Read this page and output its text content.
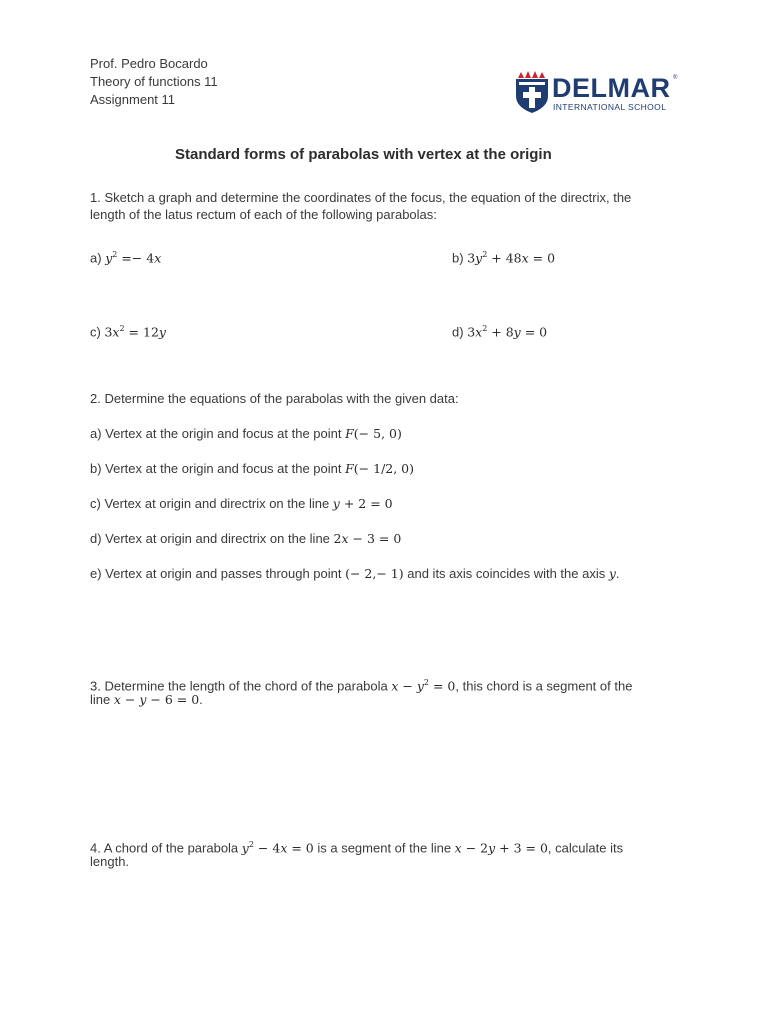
Prof. Pedro Bocardo
Theory of functions 11
Assignment 11	DELMAR ®
INTERNATIONAL SCHOOL
Standard forms of parabolas with vertex at the origin
1. Sketch a graph and determine the coordinates of the focus, the equation of the directrix, the
length of the latus rectum of each of the following parabolas:
a) $y^2 =- 4x$	b) $3y^2 + 48x = 0$
c) $3x^2 = 12y$	d) $3x^2 + 8y = 0$
2. Determine the equations of the parabolas with the given data:
a) Vertex at the origin and focus at the point F(− 5, 0)
b) Vertex at the origin and focus at the point F(− 1/2, 0)
c) Vertex at origin and directrix on the line y + 2 = 0
d) Vertex at origin and directrix on the line 2x − 3 = 0
e) Vertex at origin and passes through point (− 2,− 1) and its axis coincides with the axis y.
3. Determine the length of the chord of the parabola $x - y^2 = 0$, this chord is a segment of the
line x − y − 6 = 0.
4. A chord of the parabola $y^2 - 4x = 0$ is a segment of the line x − 2y + 3 = 0, calculate its
length.
